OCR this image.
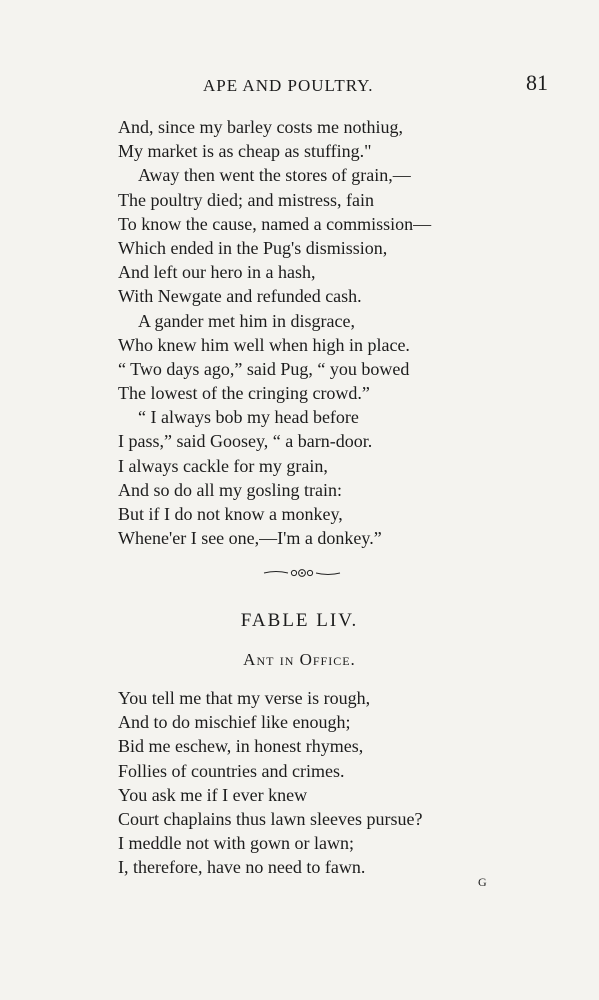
APE AND POULTRY.	81
And, since my barley costs me nothiug,
My market is as cheap as stuffing."
Away then went the stores of grain,—
The poultry died; and mistress, fain
To know the cause, named a commission—
Which ended in the Pug's dismission,
And left our hero in a hash,
With Newgate and refunded cash.
A gander met him in disgrace,
Who knew him well when high in place.
“ Two days ago,” said Pug, “ you bowed
The lowest of the cringing crowd.”
“ I always bob my head before
I pass,” said Goosey, “ a barn-door.
I always cackle for my grain,
And so do all my gosling train:
But if I do not know a monkey,
Whene'er I see one,—I'm a donkey.”
FABLE LIV.
Ant in Office.
You tell me that my verse is rough,
And to do mischief like enough;
Bid me eschew, in honest rhymes,
Follies of countries and crimes.
You ask me if I ever knew
Court chaplains thus lawn sleeves pursue?
I meddle not with gown or lawn;
I, therefore, have no need to fawn.
G
